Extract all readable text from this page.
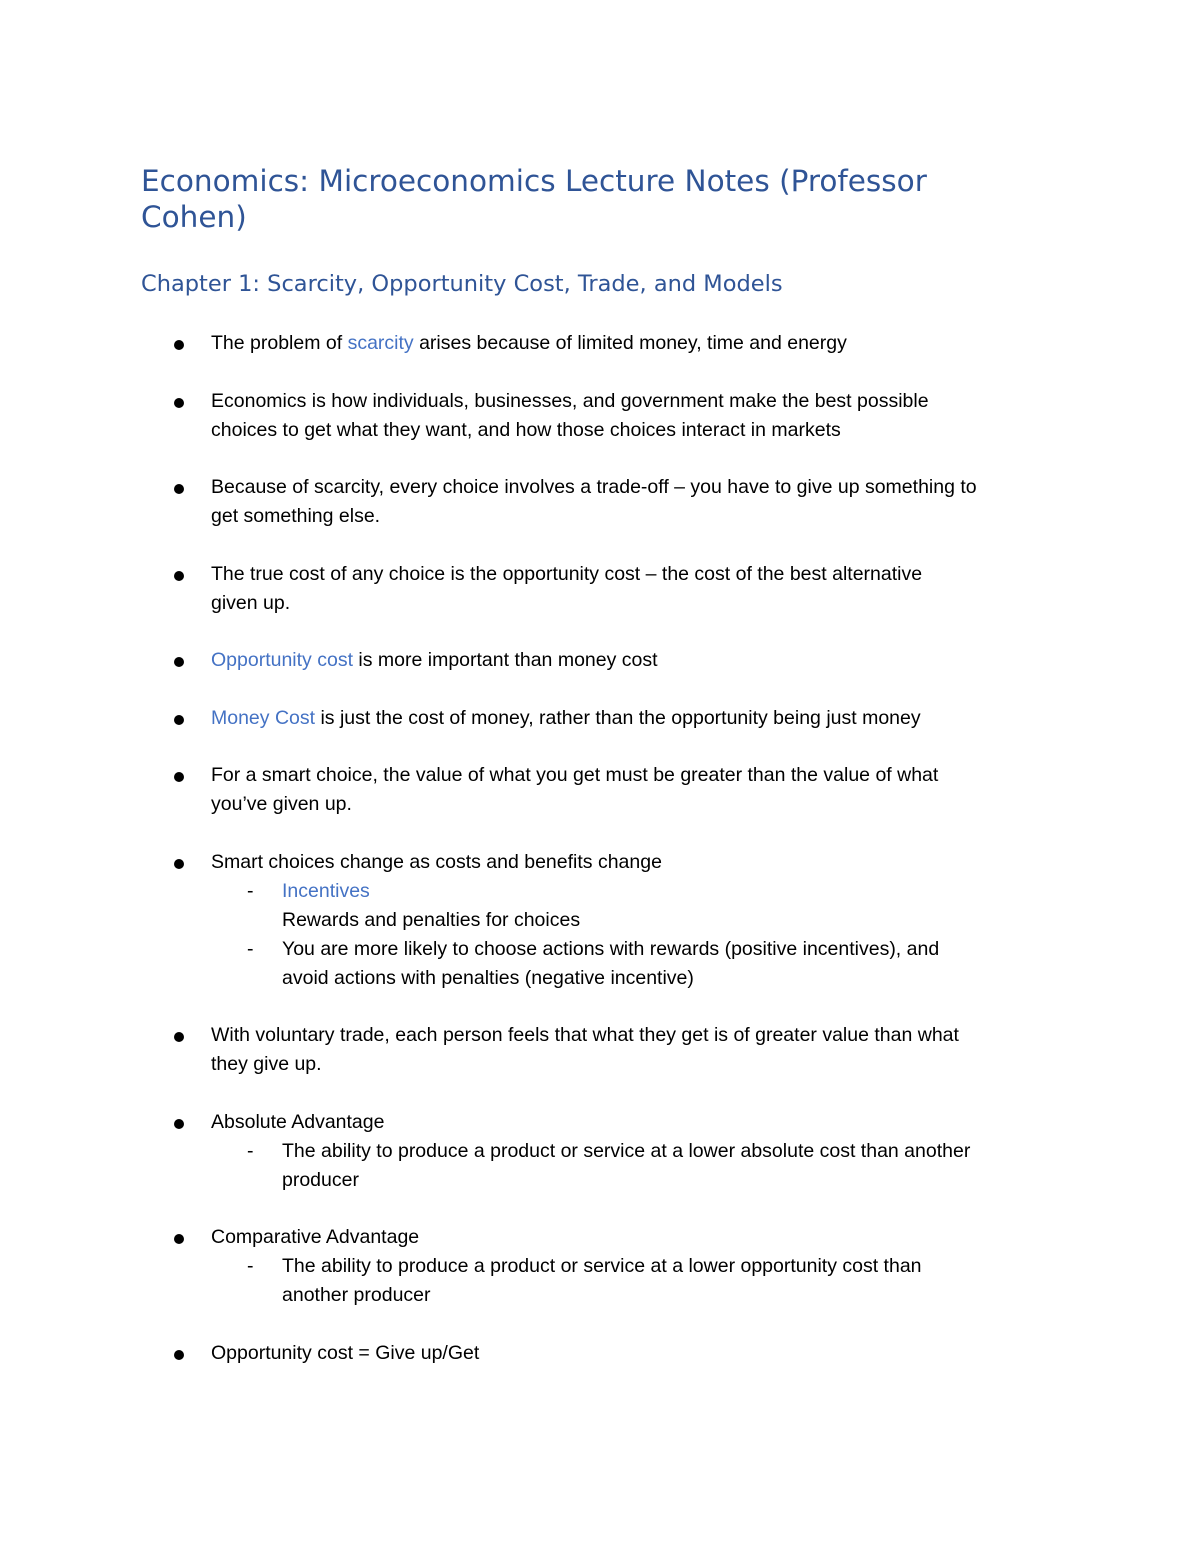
Economics: Microeconomics Lecture Notes (Professor
Cohen)
Chapter 1: Scarcity, Opportunity Cost, Trade, and Models
The problem of scarcity arises because of limited money, time and energy
Economics is how individuals, businesses, and government make the best possible
choices to get what they want, and how those choices interact in markets
Because of scarcity, every choice involves a trade-off – you have to give up something to
get something else.
The true cost of any choice is the opportunity cost – the cost of the best alternative
given up.
Opportunity cost is more important than money cost
Money Cost is just the cost of money, rather than the opportunity being just money
For a smart choice, the value of what you get must be greater than the value of what
you’ve given up.
Smart choices change as costs and benefits change
- Incentives
Rewards and penalties for choices
- You are more likely to choose actions with rewards (positive incentives), and
avoid actions with penalties (negative incentive)
With voluntary trade, each person feels that what they get is of greater value than what
they give up.
Absolute Advantage
- The ability to produce a product or service at a lower absolute cost than another
producer
Comparative Advantage
- The ability to produce a product or service at a lower opportunity cost than
another producer
Opportunity cost = Give up/Get
